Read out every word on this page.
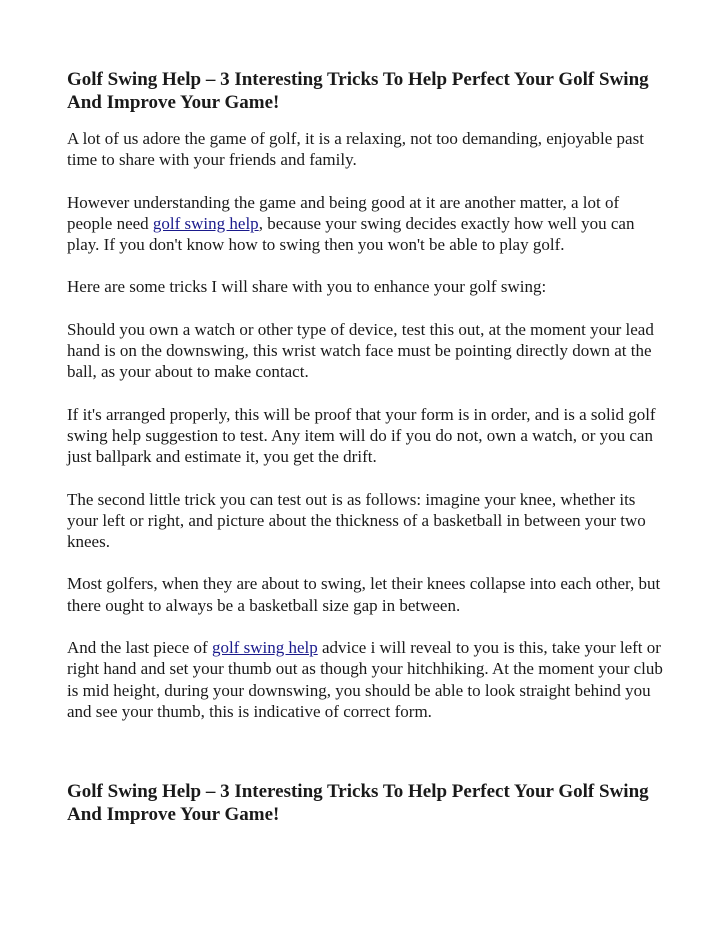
Golf Swing Help – 3 Interesting Tricks To Help Perfect Your Golf Swing And Improve Your Game!

A lot of us adore the game of golf, it is a relaxing, not too demanding, enjoyable past time to share with your friends and family.

However understanding the game and being good at it are another matter, a lot of people need golf swing help, because your swing decides exactly how well you can play. If you don't know how to swing then you won't be able to play golf.

Here are some tricks I will share with you to enhance your golf swing:

Should you own a watch or other type of device, test this out, at the moment your lead hand is on the downswing, this wrist watch face must be pointing directly down at the ball, as your about to make contact.

If it's arranged properly, this will be proof that your form is in order, and is a solid golf swing help suggestion to test. Any item will do if you do not, own a watch, or you can just ballpark and estimate it, you get the drift.

The second little trick you can test out is as follows: imagine your knee, whether its your left or right, and picture about the thickness of a basketball in between your two knees.

Most golfers, when they are about to swing, let their knees collapse into each other, but there ought to always be a basketball size gap in between.

And the last piece of golf swing help advice i will reveal to you is this, take your left or right hand and set your thumb out as though your hitchhiking. At the moment your club is mid height, during your downswing, you should be able to look straight behind you and see your thumb, this is indicative of correct form.

Golf Swing Help – 3 Interesting Tricks To Help Perfect Your Golf Swing And Improve Your Game!
